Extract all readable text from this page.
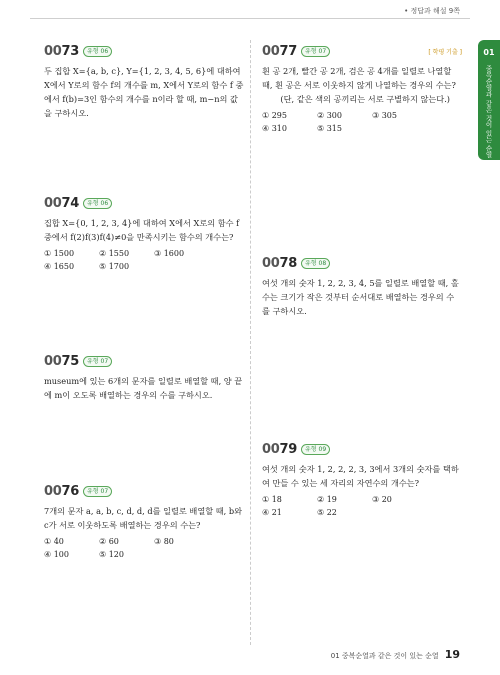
• 정답과 해설 9쪽
0073	유형 06
두 집합 X={a, b, c}, Y={1, 2, 3, 4, 5, 6}에 대하여 X에서 Y로의 함수 f의 개수를 m, X에서 Y로의 함수 f 중에서 f(b)=3인 함수의 개수를 n이라 할 때, m−n의 값을 구하시오.
0074	유형 06
집합 X={0, 1, 2, 3, 4}에 대하여 X에서 X로의 함수 f 중에서 f(2)f(3)f(4)≠0을 만족시키는 함수의 개수는?
① 1500	② 1550	③ 1600
④ 1650	⑤ 1700
0075	유형 07
museum에 있는 6개의 문자를 일렬로 배열할 때, 양 끝에 m이 오도록 배열하는 경우의 수를 구하시오.
0076	유형 07
7개의 문자 a, a, b, c, d, d, d를 일렬로 배열할 때, b와 c가 서로 이웃하도록 배열하는 경우의 수는?
① 40	② 60	③ 80
④ 100	⑤ 120
0077	유형 07	[ 학평 기출 ]
흰 공 2개, 빨간 공 2개, 검은 공 4개를 일렬로 나열할 때, 흰 공은 서로 이웃하지 않게 나열하는 경우의 수는?
(단, 같은 색의 공끼리는 서로 구별하지 않는다.)
① 295	② 300	③ 305
④ 310	⑤ 315
0078	유형 08
여섯 개의 숫자 1, 2, 2, 3, 4, 5를 일렬로 배열할 때, 홀수는 크기가 작은 것부터 순서대로 배열하는 경우의 수를 구하시오.
0079	유형 09
여섯 개의 숫자 1, 2, 2, 2, 3, 3에서 3개의 숫자를 택하여 만들 수 있는 세 자리의 자연수의 개수는?
① 18	② 19	③ 20
④ 21	⑤ 22
01
중복순열과 같은 것이 있는 순열
01 중복순열과 같은 것이 있는 순열 19
